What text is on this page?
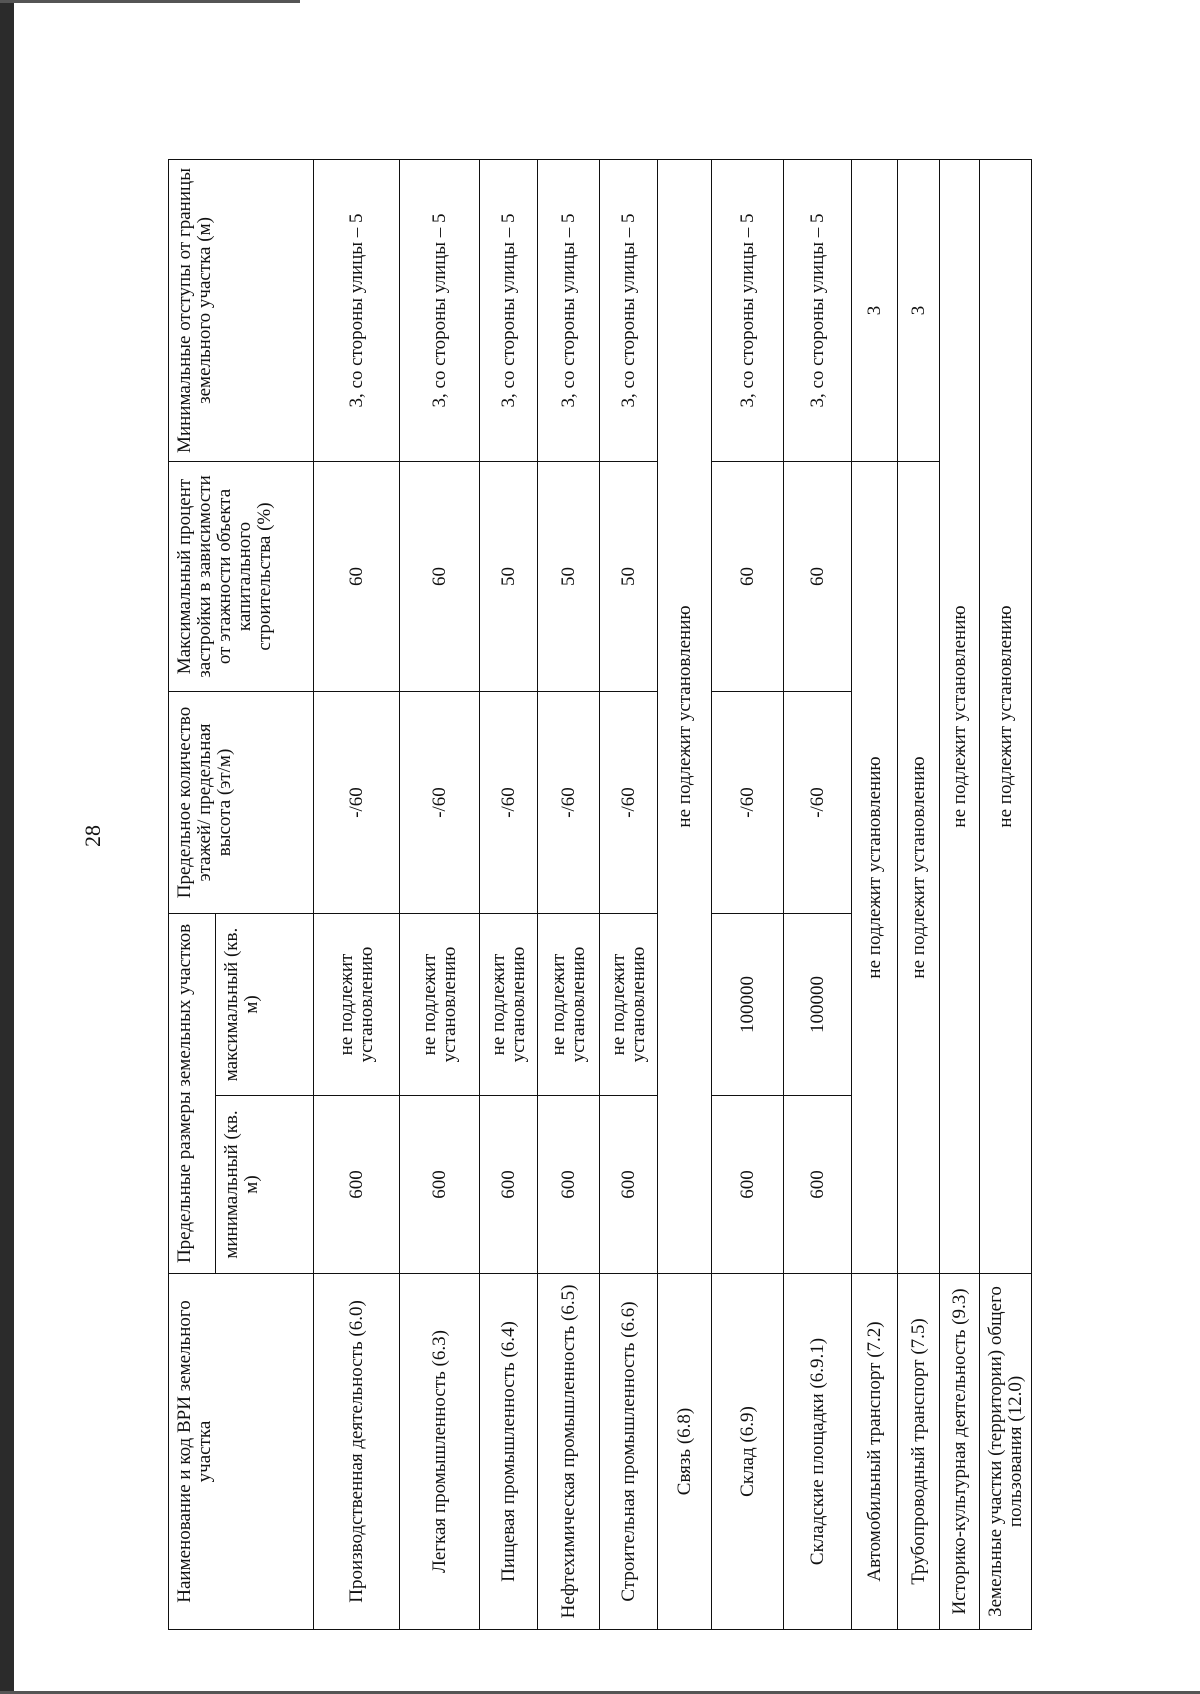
28
Наименование и код ВРИ земельного участка	Предельные размеры земельных участков		Предельное количество этажей/ предельная высота (эт/м)	Максимальный процент застройки в зависимости от этажности объекта капитального строительства (%)	Минимальные отступы от границы земельного участка (м)
	минимальный (кв. м)	максимальный (кв. м)			
Производственная деятельность (6.0)	600	не подлежит установлению	-/60	60	3, со стороны улицы – 5
Легкая промышленность (6.3)	600	не подлежит установлению	-/60	60	3, со стороны улицы – 5
Пищевая промышленность (6.4)	600	не подлежит установлению	-/60	50	3, со стороны улицы – 5
Нефтехимическая промышленность (6.5)	600	не подлежит установлению	-/60	50	3, со стороны улицы – 5
Строительная промышленность (6.6)	600	не подлежит установлению	-/60	50	3, со стороны улицы – 5
Связь (6.8)	не подлежит установлению				
Склад (6.9)	600	100000	-/60	60	3, со стороны улицы – 5
Складские площадки (6.9.1)	600	100000	-/60	60	3, со стороны улицы – 5
Автомобильный транспорт (7.2)	не подлежит установлению				3
Трубопроводный транспорт (7.5)	не подлежит установлению				3
Историко-культурная деятельность (9.3)	не подлежит установлению				
Земельные участки (территории) общего пользования (12.0)	не подлежит установлению				
